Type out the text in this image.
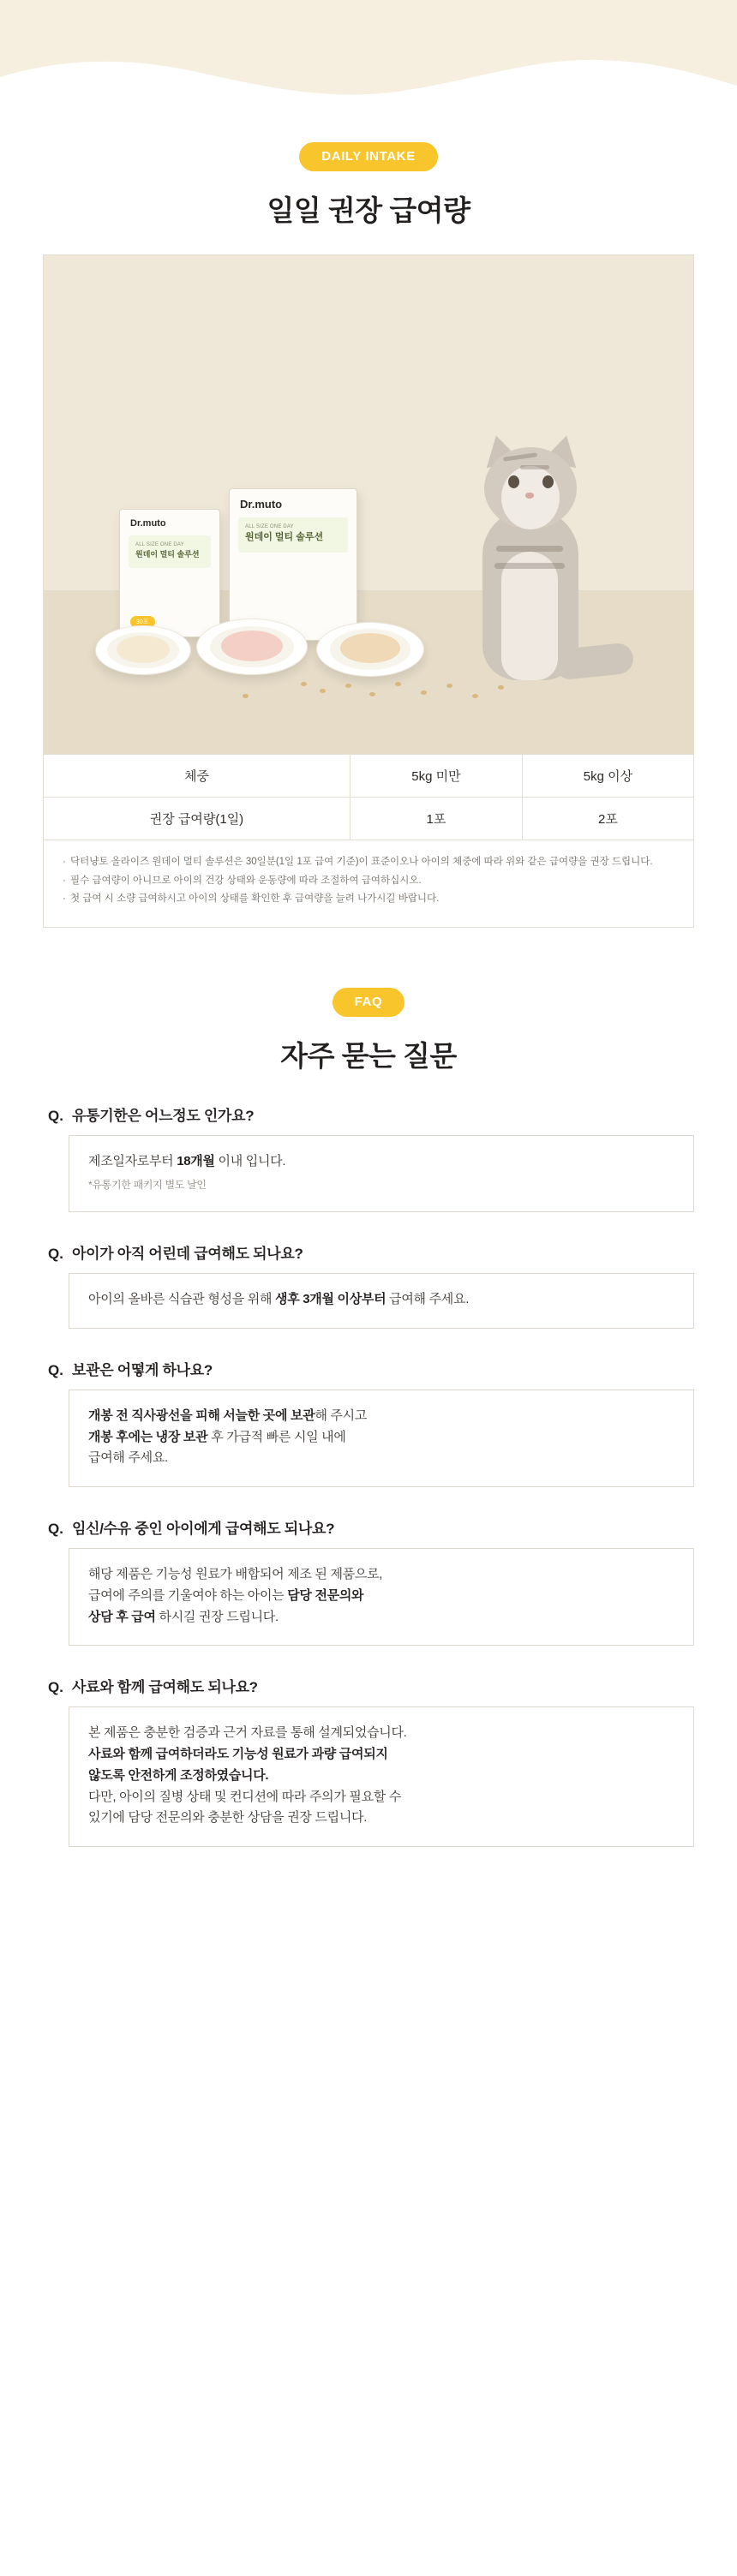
DAILY INTAKE
일일 권장 급여량
Dr.muto
ALL SIZE ONE DAY
원데이 멀티 솔루션
30포
Dr.muto
ALL SIZE ONE DAY
원데이 멀티 솔루션
체중	5kg 미만	5kg 이상
권장 급여량(1일)	1포	2포
· 닥터냥토 올라이즈 원데이 멀티 솔루션은 30일분(1일 1포 급여 기준)이 표준이오나 아이의 체중에 따라 위와 같은 급여량을 권장 드립니다.
· 필수 급여량이 아니므로 아이의 건강 상태와 운동량에 따라 조절하여 급여하십시오.
· 첫 급여 시 소량 급여하시고 아이의 상태를 확인한 후 급여량을 늘려 나가시길 바랍니다.
FAQ
자주 묻는 질문
Q. 유통기한은 어느정도 인가요?

제조일자로부터 18개월 이내 입니다.

*유통기한 패키지 별도 날인

Q. 아이가 아직 어린데 급여해도 되나요?

아이의 올바른 식습관 형성을 위해 생후 3개월 이상부터 급여해 주세요.

Q. 보관은 어떻게 하나요?

개봉 전 직사광선을 피해 서늘한 곳에 보관해 주시고
개봉 후에는 냉장 보관 후 가급적 빠른 시일 내에
급여해 주세요.

Q. 임신/수유 중인 아이에게 급여해도 되나요?

해당 제품은 기능성 원료가 배합되어 제조 된 제품으로,
급여에 주의를 기울여야 하는 아이는 담당 전문의와
상담 후 급여 하시길 권장 드립니다.

Q. 사료와 함께 급여해도 되나요?

본 제품은 충분한 검증과 근거 자료를 통해 설계되었습니다.
사료와 함께 급여하더라도 기능성 원료가 과량 급여되지
않도록 안전하게 조정하였습니다.
다만, 아이의 질병 상태 및 컨디션에 따라 주의가 필요할 수
있기에 담당 전문의와 충분한 상담을 권장 드립니다.
